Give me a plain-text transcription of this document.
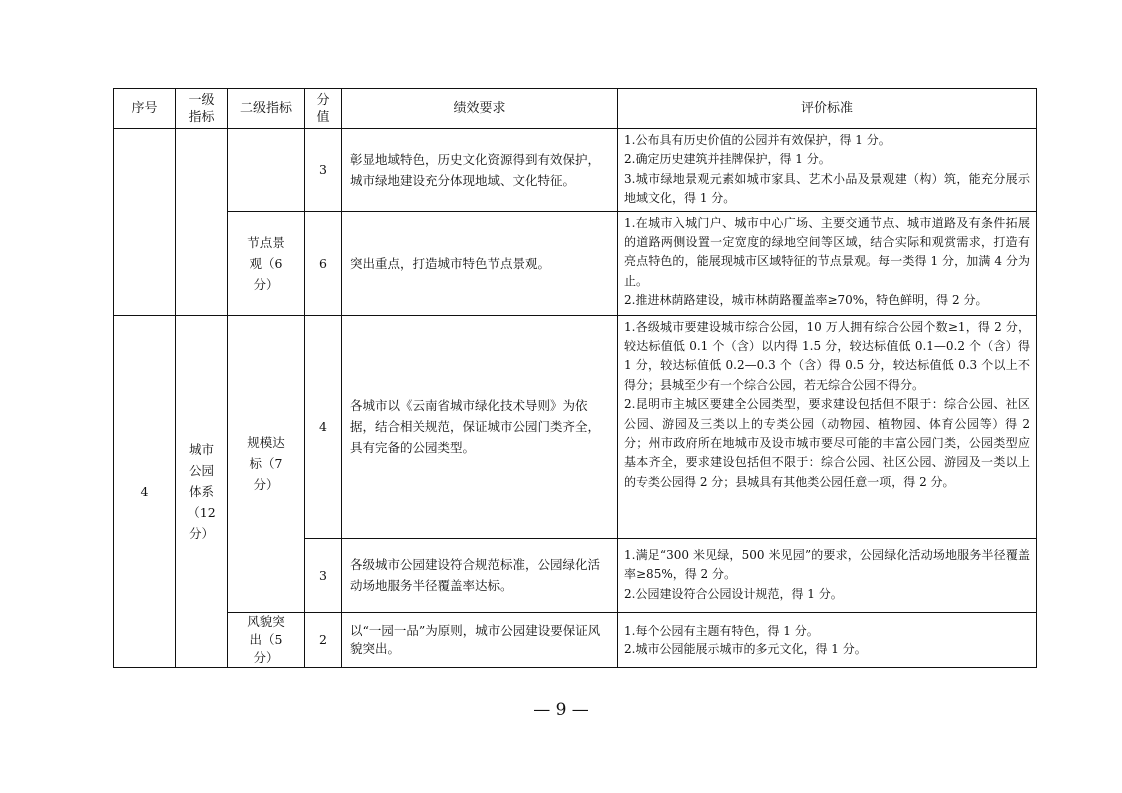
序号	一级指标	二级指标	分值	绩效要求	评价标准
			3	彰显地域特色，历史文化资源得到有效保护，城市绿地建设充分体现地域、文化特征。	1.公布具有历史价值的公园并有效保护，得 1 分。
2.确定历史建筑并挂牌保护，得 1 分。
3.城市绿地景观元素如城市家具、艺术小品及景观建（构）筑，能充分展示地域文化，得 1 分。

		节点景观（6分）	6	突出重点，打造城市特色节点景观。	1.在城市入城门户、城市中心广场、主要交通节点、城市道路及有条件拓展的道路两侧设置一定宽度的绿地空间等区域，结合实际和观赏需求，打造有亮点特色的，能展现城市区域特征的节点景观。每一类得 1 分，加满 4 分为止。
2.推进林荫路建设，城市林荫路覆盖率≥70%，特色鲜明，得 2 分。

4	城市公园体系（12分）	规模达标（7分）	4	各城市以《云南省城市绿化技术导则》为依据，结合相关规范，保证城市公园门类齐全，具有完备的公园类型。	1.各级城市要建设城市综合公园，10 万人拥有综合公园个数≥1，得 2 分，较达标值低 0.1 个（含）以内得 1.5 分，较达标值低 0.1—0.2 个（含）得 1 分，较达标值低 0.2—0.3 个（含）得 0.5 分，较达标值低 0.3 个以上不得分；县城至少有一个综合公园，若无综合公园不得分。
2.昆明市主城区要建全公园类型，要求建设包括但不限于：综合公园、社区公园、游园及三类以上的专类公园（动物园、植物园、体育公园等）得 2 分；州市政府所在地城市及设市城市要尽可能的丰富公园门类，公园类型应基本齐全，要求建设包括但不限于：综合公园、社区公园、游园及一类以上的专类公园得 2 分；县城具有其他类公园任意一项，得 2 分。

			3	各级城市公园建设符合规范标准，公园绿化活动场地服务半径覆盖率达标。	1.满足“300 米见绿，500 米见园”的要求，公园绿化活动场地服务半径覆盖率≥85%，得 2 分。
2.公园建设符合公园设计规范，得 1 分。

		风貌突出（5分）	2	以“一园一品”为原则，城市公园建设要保证风貌突出。	1.每个公园有主题有特色，得 1 分。
2.城市公园能展示城市的多元文化，得 1 分。
— 9 —
